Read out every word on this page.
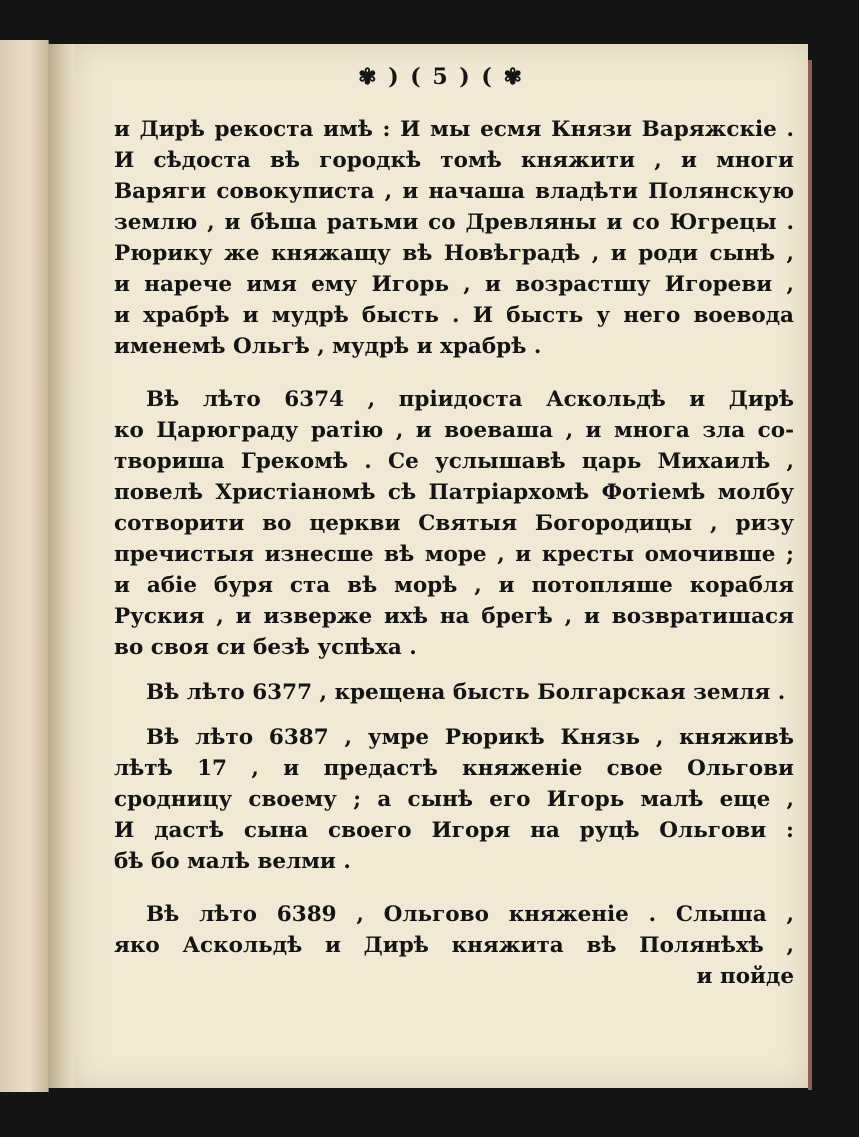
✾ ) ( 5 ) ( ✾
и Дирѣ рекоста имѣ : И мы есмя Князи Варяжскіе .
И сѣдоста вѣ городкѣ томѣ княжити , и многи
Варяги совокуписта , и начаша владѣти Полянскую
землю , и бѣша ратьми со Древляны и со Югрецы .
Рюрику же княжащу вѣ Новѣградѣ , и роди сынѣ ,
и нарече имя ему Игорь , и возрастшу Игореви ,
и храбрѣ и мудрѣ бысть . И бысть у него воевода
именемѣ Ольгѣ , мудрѣ и храбрѣ .
Вѣ лѣто 6374 , пріидоста Аскольдѣ и Дирѣ
ко Царюграду ратію , и воеваша , и многа зла со-
твориша Грекомѣ . Се услышавѣ царь Михаилѣ ,
повелѣ Христіаномѣ сѣ Патріархомѣ Фотіемѣ молбу
сотворити во церкви Святыя Богородицы , ризу
пречистыя изнесше вѣ море , и кресты омочивше ;
и абіе буря ста вѣ морѣ , и потопляше корабля
Руския , и изверже ихѣ на брегѣ , и возвратишася
во своя си безѣ успѣха .
Вѣ лѣто 6377 , крещена бысть Болгарская земля .
Вѣ лѣто 6387 , умре Рюрикѣ Князь , княживѣ
лѣтѣ 17 , и предастѣ княженіе свое Ольгови
сродницу своему ; а сынѣ его Игорь малѣ еще ,
И дастѣ сына своего Игоря на руцѣ Ольгови :
бѣ бо малѣ велми .
Вѣ лѣто 6389 , Ольгово княженіе . Слыша ,
яко Аскольдѣ и Дирѣ княжита вѣ Полянѣхѣ ,
и пойде
